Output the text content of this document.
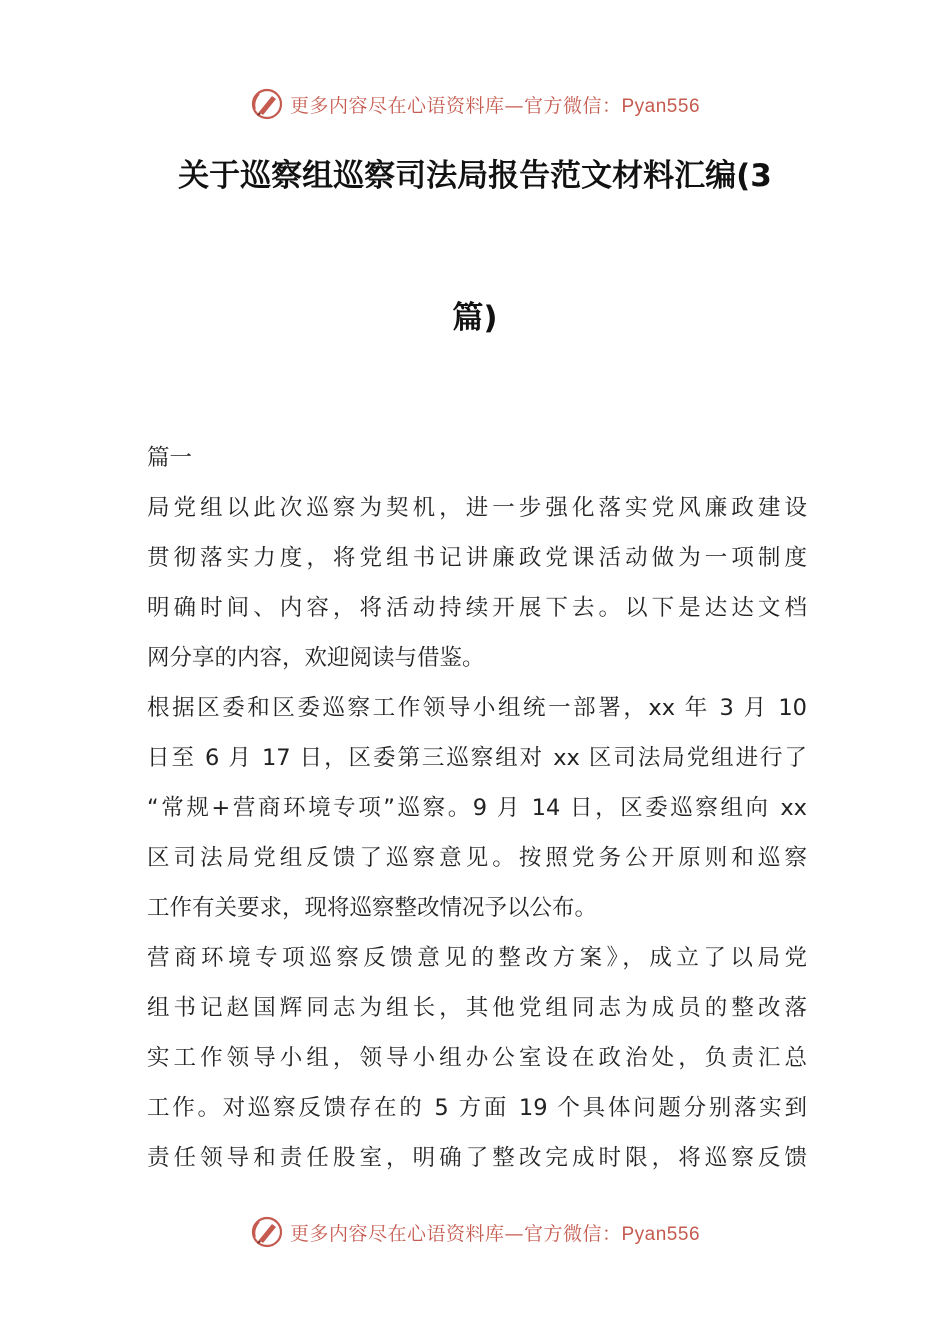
更多内容尽在心语资料库—官方微信：Pyan556
关于巡察组巡察司法局报告范文材料汇编(3
篇)
篇一
局党组以此次巡察为契机，进一步强化落实党风廉政建设
贯彻落实力度，将党组书记讲廉政党课活动做为一项制度
明确时间、内容，将活动持续开展下去。以下是达达文档
网分享的内容，欢迎阅读与借鉴。
根据区委和区委巡察工作领导小组统一部署，xx 年 3 月 10
日至 6 月 17 日，区委第三巡察组对 xx 区司法局党组进行了
“常规+营商环境专项”巡察。9 月 14 日，区委巡察组向 xx
区司法局党组反馈了巡察意见。按照党务公开原则和巡察
工作有关要求，现将巡察整改情况予以公布。
营商环境专项巡察反馈意见的整改方案》，成立了以局党
组书记赵国辉同志为组长，其他党组同志为成员的整改落
实工作领导小组，领导小组办公室设在政治处，负责汇总
工作。对巡察反馈存在的 5 方面 19 个具体问题分别落实到
责任领导和责任股室，明确了整改完成时限，将巡察反馈
更多内容尽在心语资料库—官方微信：Pyan556
